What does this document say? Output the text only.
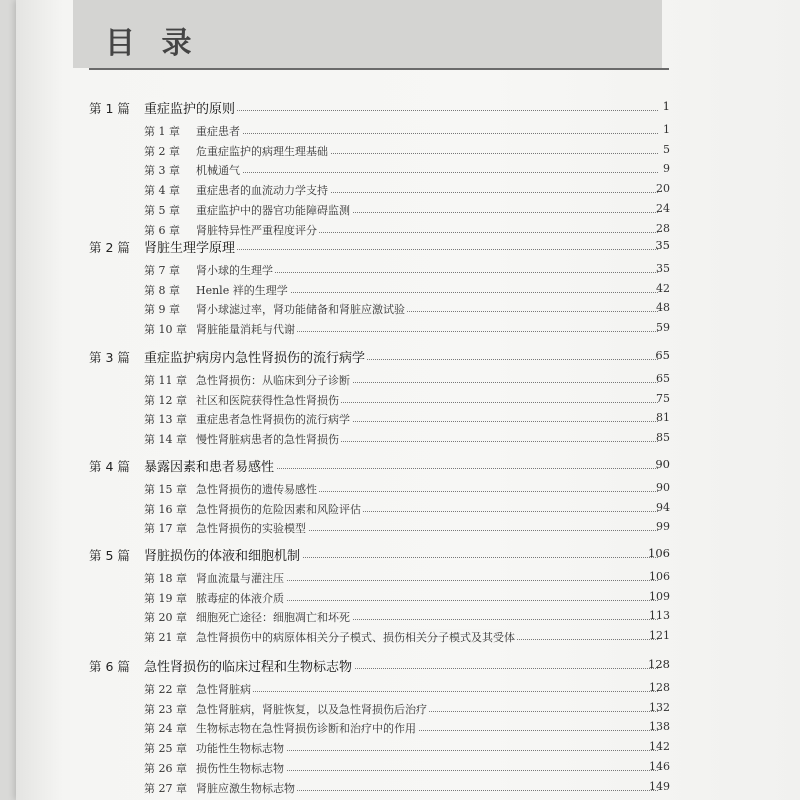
目 录
第 1 篇 重症监护的原则	1
第 1 章 重症患者	1
第 2 章 危重症监护的病理生理基础	5
第 3 章 机械通气	9
第 4 章 重症患者的血流动力学支持	20
第 5 章 重症监护中的器官功能障碍监测	24
第 6 章 肾脏特异性严重程度评分	28
第 2 篇 肾脏生理学原理	35
第 7 章 肾小球的生理学	35
第 8 章 Henle 袢的生理学	42
第 9 章 肾小球滤过率，肾功能储备和肾脏应激试验	48
第 10 章 肾脏能量消耗与代谢	59
第 3 篇 重症监护病房内急性肾损伤的流行病学	65
第 11 章 急性肾损伤：从临床到分子诊断	65
第 12 章 社区和医院获得性急性肾损伤	75
第 13 章 重症患者急性肾损伤的流行病学	81
第 14 章 慢性肾脏病患者的急性肾损伤	85
第 4 篇 暴露因素和患者易感性	90
第 15 章 急性肾损伤的遗传易感性	90
第 16 章 急性肾损伤的危险因素和风险评估	94
第 17 章 急性肾损伤的实验模型	99
第 5 篇 肾脏损伤的体液和细胞机制	106
第 18 章 肾血流量与灌注压	106
第 19 章 脓毒症的体液介质	109
第 20 章 细胞死亡途径：细胞凋亡和坏死	113
第 21 章 急性肾损伤中的病原体相关分子模式、损伤相关分子模式及其受体	121
第 6 篇 急性肾损伤的临床过程和生物标志物	128
第 22 章 急性肾脏病	128
第 23 章 急性肾脏病，肾脏恢复，以及急性肾损伤后治疗	132
第 24 章 生物标志物在急性肾损伤诊断和治疗中的作用	138
第 25 章 功能性生物标志物	142
第 26 章 损伤性生物标志物	146
第 27 章 肾脏应激生物标志物	149
